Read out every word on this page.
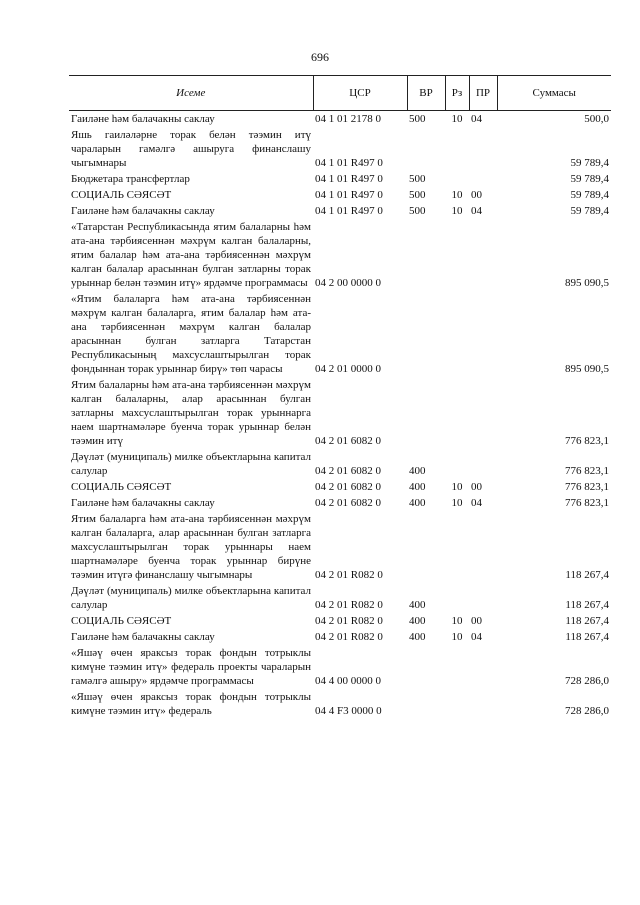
696
Исеме	ЦСР	ВР	Рз	ПР	Суммасы
Гаиләне һәм балачакны саклау	04 1 01 2178 0	500	10	04	500,0
Яшь гаиләләрне торак белән тәэмин итү чараларын гамәлгә ашыруга финанслашу чыгымнары	04 1 01 R497 0				59 789,4
Бюджетара трансфертлар	04 1 01 R497 0	500			59 789,4
СОЦИАЛЬ СӘЯСӘТ	04 1 01 R497 0	500	10	00	59 789,4
Гаиләне һәм балачакны саклау	04 1 01 R497 0	500	10	04	59 789,4
«Татарстан Республикасында ятим балаларны һәм ата-ана тәрбиясеннән мәхрүм калган балаларны, ятим балалар һәм ата-ана тәрбиясеннән мәхрүм калган балалар арасыннан булган затларны торак урыннар белән тәэмин итү» ярдәмче программасы	04 2 00 0000 0				895 090,5
«Ятим балаларга һәм ата-ана тәрбиясеннән мәхрүм калган балаларга, ятим балалар һәм ата-ана тәрбиясеннән мәхрүм калган балалар арасыннан булган затларга Татарстан Республикасының махсуслаштырылган торак фондыннан торак урыннар бирү» төп чарасы	04 2 01 0000 0				895 090,5
Ятим балаларны һәм ата-ана тәрбиясеннән мәхрүм калган балаларны, алар арасыннан булган затларны махсуслаштырылган торак урыннарга наем шартнамәләре буенча торак урыннар белән тәэмин итү	04 2 01 6082 0				776 823,1
Дәүләт (муниципаль) милке объектларына капитал салулар	04 2 01 6082 0	400			776 823,1
СОЦИАЛЬ СӘЯСӘТ	04 2 01 6082 0	400	10	00	776 823,1
Гаиләне һәм балачакны саклау	04 2 01 6082 0	400	10	04	776 823,1
Ятим балаларга һәм ата-ана тәрбиясеннән мәхрүм калган балаларга, алар арасыннан булган затларга махсуслаштырылган торак урыннары наем шартнамәләре буенча торак урыннар бирүне тәэмин итүгә финанслашу чыгымнары	04 2 01 R082 0				118 267,4
Дәүләт (муниципаль) милке объектларына капитал салулар	04 2 01 R082 0	400			118 267,4
СОЦИАЛЬ СӘЯСӘТ	04 2 01 R082 0	400	10	00	118 267,4
Гаиләне һәм балачакны саклау	04 2 01 R082 0	400	10	04	118 267,4
«Яшәү өчен яраксыз торак фондын тотрыклы кимүне тәэмин итү» федераль проекты чараларын гамәлгә ашыру» ярдәмче программасы	04 4 00 0000 0				728 286,0
«Яшәү өчен яраксыз торак фондын тотрыклы кимүне тәэмин итү» федераль	04 4 F3 0000 0				728 286,0
